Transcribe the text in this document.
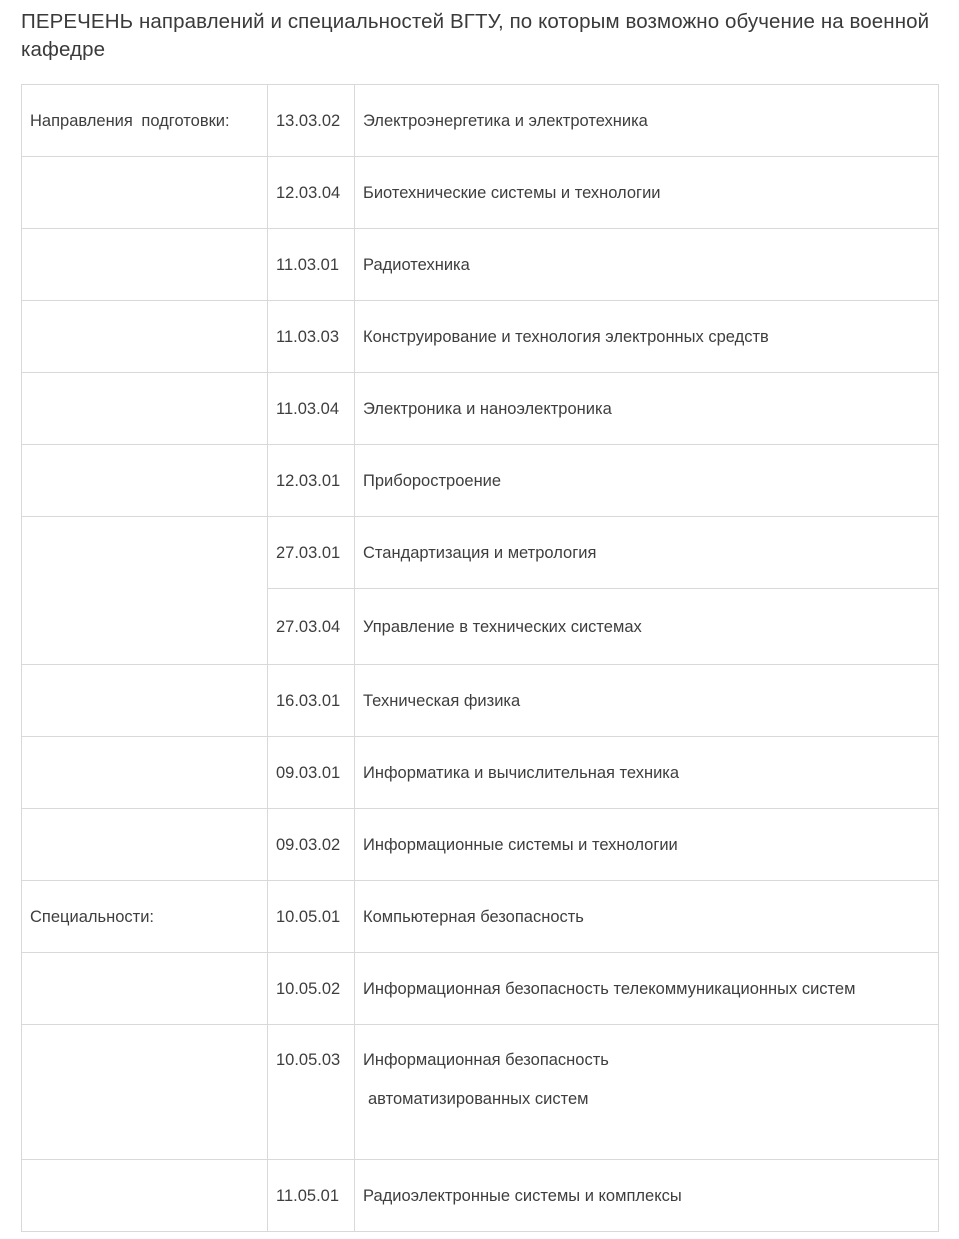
ПЕРЕЧЕНЬ направлений и специальностей ВГТУ, по которым возможно обучение на военной кафедре
Направления подготовки:	13.03.02	Электроэнергетика и электротехника
	12.03.04	Биотехнические системы и технологии
	11.03.01	Радиотехника
	11.03.03	Конструирование и технология электронных средств
	11.03.04	Электроника и наноэлектроника
	12.03.01	Приборостроение
	27.03.01	Стандартизация и метрология
	27.03.04	Управление в технических системах
	16.03.01	Техническая физика
	09.03.01	Информатика и вычислительная техника
	09.03.02	Информационные системы и технологии
Специальности:	10.05.01	Компьютерная безопасность
	10.05.02	Информационная безопасность телекоммуникационных систем
	10.05.03	Информационная безопасность
автоматизированных систем

	11.05.01	Радиоэлектронные системы и комплексы
